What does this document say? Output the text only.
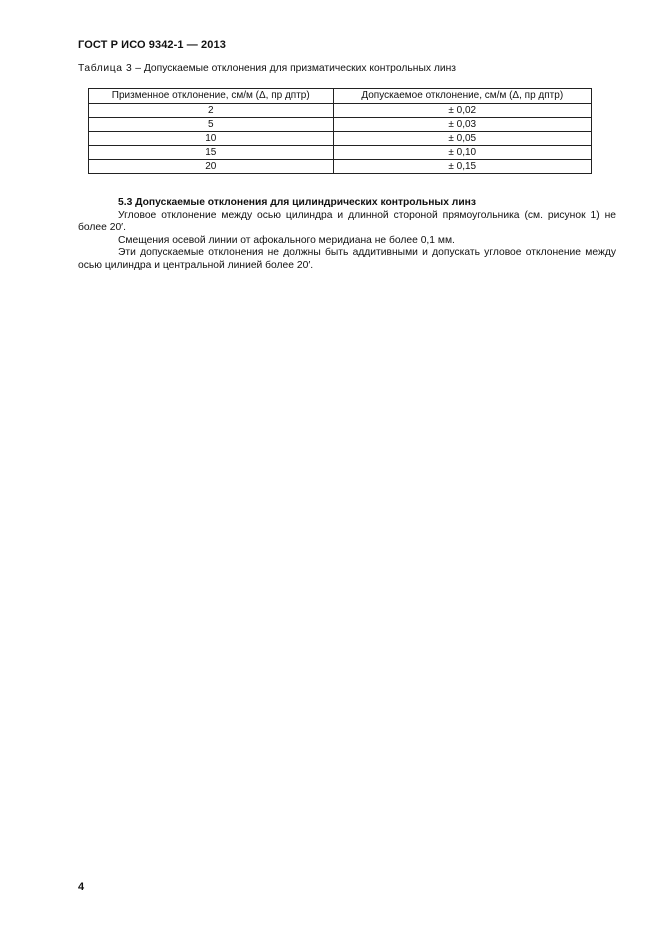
ГОСТ Р ИСО 9342-1 — 2013
Таблица 3 – Допускаемые отклонения для призматических контрольных линз
Призменное отклонение, см/м (Δ, пр дптр)	Допускаемое отклонение, см/м (Δ, пр дптр)
2	± 0,02
5	± 0,03
10	± 0,05
15	± 0,10
20	± 0,15

5.3 Допускаемые отклонения для цилиндрических контрольных линз

Угловое отклонение между осью цилиндра и длинной стороной прямоугольника (см. рисунок 1) не более 20′.

Смещения осевой линии от афокального меридиана не более 0,1 мм.

Эти допускаемые отклонения не должны быть аддитивными и допускать угловое отклонение между осью цилиндра и центральной линией более 20′.

4
